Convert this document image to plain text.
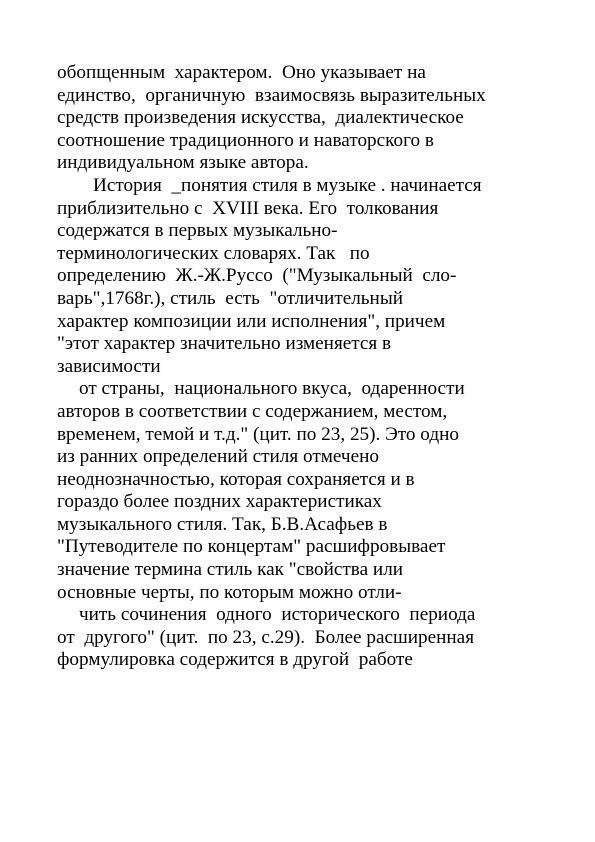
обопщенным  характером.  Оно указывает на
единство,  органичную  взаимосвязь выразительных
средств произведения искусства,  диалектическое
соотношение традиционного и наваторского в
индивидуальном языке автора.
История  _понятия стиля в музыке . начинается
приблизительно с  XVIII века. Его  толкования
содержатся в первых музыкально-
терминологических словарях. Так   по
определению  Ж.-Ж.Руссо  ("Музыкальный  сло-
варь",1768г.), стиль  есть  "отличительный
характер композиции или исполнения", причем
"этот характер значительно изменяется в
зависимости
от страны,  национального вкуса,  одаренности
авторов в соответствии с содержанием, местом,
временем, темой и т.д." (цит. по 23, 25). Это одно
из ранних определений стиля отмечено
неоднозначностью, которая сохраняется и в
гораздо более поздних характеристиках
музыкального стиля. Так, Б.В.Асафьев в
"Путеводителе по концертам" расшифровывает
значение термина стиль как "свойства или
основные черты, по которым можно отли-
чить сочинения  одного  исторического  периода
от  другого" (цит.  по 23, с.29).  Более расширенная
формулировка содержится в другой  работе
